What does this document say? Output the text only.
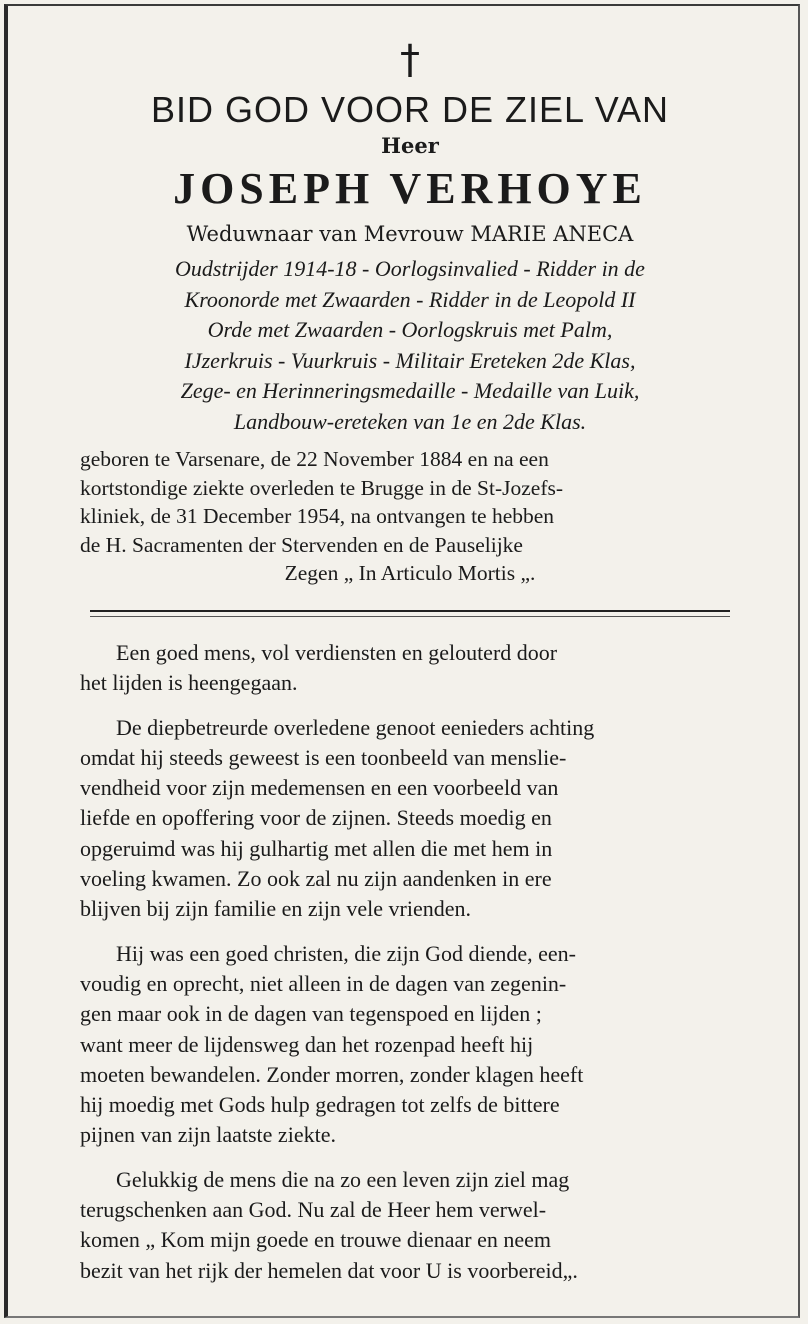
†
BID GOD VOOR DE ZIEL VAN
Heer
JOSEPH VERHOYE
Weduwnaar van Mevrouw MARIE ANECA
Oudstrijder 1914-18 - Oorlogsinvalied - Ridder in de
Kroonorde met Zwaarden - Ridder in de Leopold II
Orde met Zwaarden - Oorlogskruis met Palm,
IJzerkruis - Vuurkruis - Militair Ereteken 2de Klas,
Zege- en Herinneringsmedaille - Medaille van Luik,
Landbouw-ereteken van 1e en 2de Klas.
geboren te Varsenare, de 22 November 1884 en na een
kortstondige ziekte overleden te Brugge in de St-Jozefs-
kliniek, de 31 December 1954, na ontvangen te hebben
de H. Sacramenten der Stervenden en de Pauselijke
Zegen „ In Articulo Mortis „.
Een goed mens, vol verdiensten en gelouterd door
het lijden is heengegaan.
De diepbetreurde overledene genoot eenieders achting
omdat hij steeds geweest is een toonbeeld van menslie-
vendheid voor zijn medemensen en een voorbeeld van
liefde en opoffering voor de zijnen. Steeds moedig en
opgeruimd was hij gulhartig met allen die met hem in
voeling kwamen. Zo ook zal nu zijn aandenken in ere
blijven bij zijn familie en zijn vele vrienden.
Hij was een goed christen, die zijn God diende, een-
voudig en oprecht, niet alleen in de dagen van zegenin-
gen maar ook in de dagen van tegenspoed en lijden ;
want meer de lijdensweg dan het rozenpad heeft hij
moeten bewandelen. Zonder morren, zonder klagen heeft
hij moedig met Gods hulp gedragen tot zelfs de bittere
pijnen van zijn laatste ziekte.
Gelukkig de mens die na zo een leven zijn ziel mag
terugschenken aan God. Nu zal de Heer hem verwel-
komen „ Kom mijn goede en trouwe dienaar en neem
bezit van het rijk der hemelen dat voor U is voorbereid„.
